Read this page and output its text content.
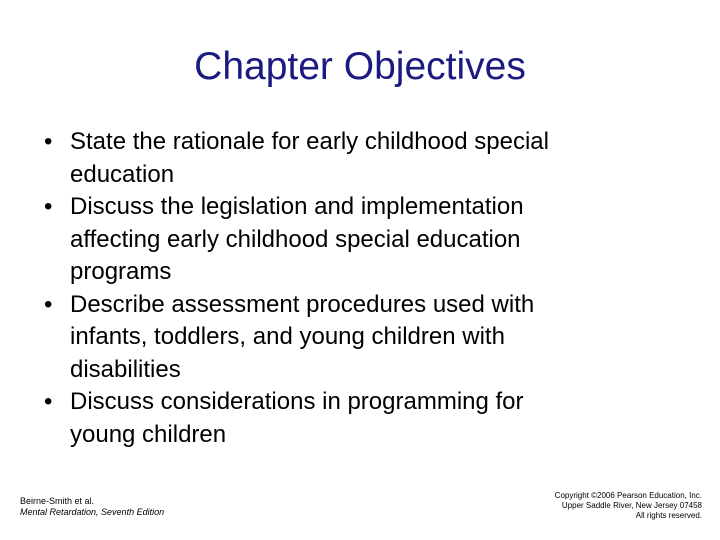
Chapter Objectives
• State the rationale for early childhood special
education
• Discuss the legislation and implementation
affecting early childhood special education
programs
• Describe assessment procedures used with
infants, toddlers, and young children with
disabilities
• Discuss considerations in programming for
young children
Beirne-Smith et al.
Mental Retardation, Seventh Edition
Copyright ©2006 Pearson Education, Inc.
Upper Saddle River, New Jersey 07458
All rights reserved.
